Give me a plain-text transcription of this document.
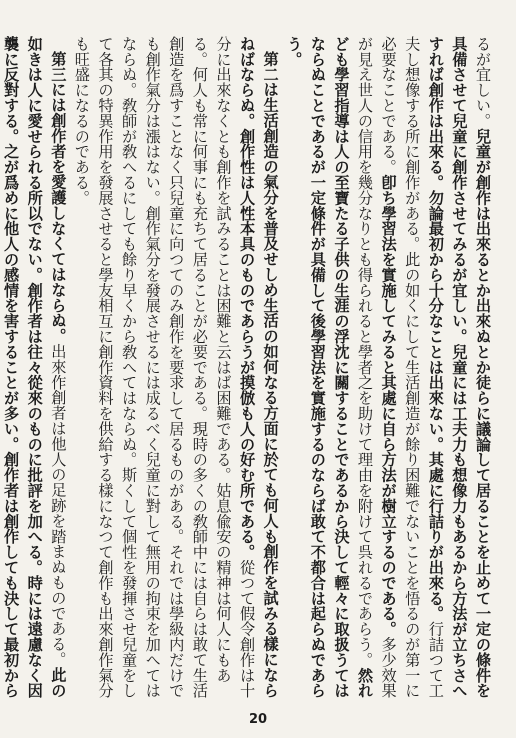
るが宜しい。兒童が創作は出來るとか出來ぬとか徒らに議論して居ることを止めて一定の條件を具備させて兒童に創作させてみるが宜しい。兒童には工夫力も想像力もあるから方法が立ちさへすれば創作は出來る。勿論最初から十分なことは出來ない。其處に行詰りが出來る。行詰つて工夫し想像する所に創作がある。此の如くにして生活創造が餘り困難でないことを悟るのが第一に必要なことである。卽ち學習法を實施してみると其處に自ら方法が樹立するのである。多少效果が見え世人の信用を幾分なりとも得られると學者之を助けて理由を附けて呉れるであらう。然れども學習指導は人の至寶たる子供の生涯の浮沈に關することであるから決して輕々に取扱うてはならぬことであるが一定條件が具備して後學習法を實施するのならば敢て不都合は起らぬであらう。

第二は生活創造の氣分を普及せしめ生活の如何なる方面に於ても何人も創作を試みる樣にならねばならぬ。創作性は人性本具のものであらうが摸倣も人の好む所である。從つて假令創作は十分に出來なくとも創作を試みることは困難と云はば困難である。姑息偸安の精神は何人にもある。何人も常に何事にも充ちて居ることが必要である。現時の多くの敎師中には自らは敢て生活創造を爲すことなく只兒童に向つてのみ創作を要求して居るものがある。それでは學級内だけでも創作氣分は漲はない。創作氣分を發展させるには成るべく兒童に對して無用の拘束を加へてはならぬ。敎師が敎へるにしても餘り早くから敎へてはならぬ。斯くして個性を發揮させ兒童をして各其の特異作用を發展させると學友相互に創作資料を供給する樣になつて創作も出來創作氣分も旺盛になるのである。

第三には創作者を愛護しなくてはならぬ。出來作創者は他人の足跡を踏まぬものである。此の如きは人に愛せられる所以でない。創作者は往々從來のものに批評を加へる。時には遠慮なく因襲に反對する。之が爲めに他人の感情を害することが多い。創作者は創作しても決して最初から

20
